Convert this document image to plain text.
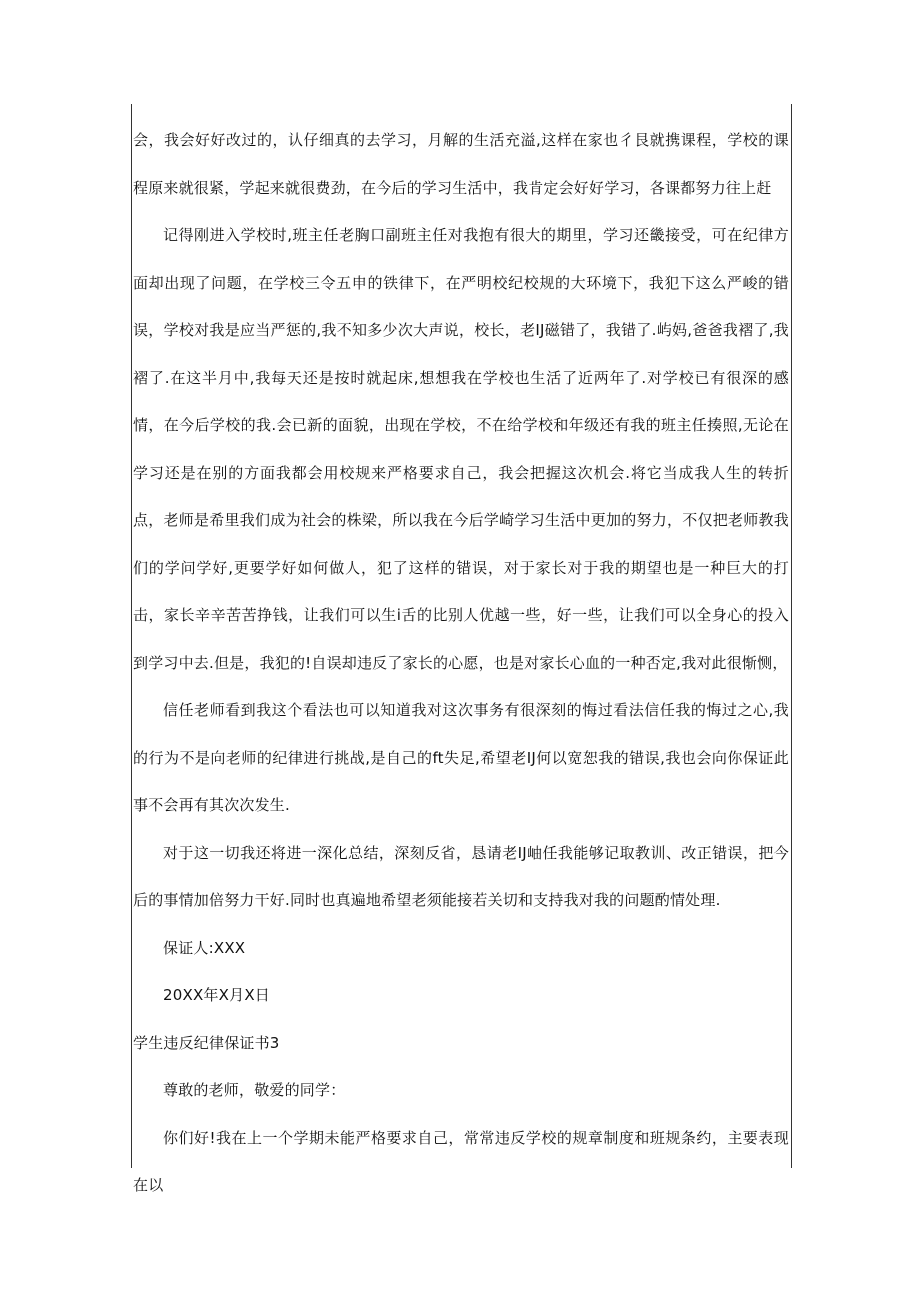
会，我会好好改过的，认仔细真的去学习，月解的生活充溢,这样在家也彳艮就携课程，学校的课程原来就很紧，学起来就很费劲，在今后的学习生活中，我肯定会好好学习，各课都努力往上赶

记得刚进入学校时,班主任老胸口副班主任对我抱有很大的期里，学习还畿接受，可在纪律方面却出现了问题，在学校三令五申的铁律下，在严明校纪校规的大环境下，我犯下这么严峻的错误，学校对我是应当严惩的,我不知多少次大声说，校长，老IJ磁错了，我错了.屿妈,爸爸我褶了,我褶了.在这半月中,我每天还是按时就起床,想想我在学校也生活了近两年了.对学校已有很深的感情，在今后学校的我.会已新的面貌，出现在学校，不在给学校和年级还有我的班主任揍照,无论在学习还是在别的方面我都会用校规来严格要求自己，我会把握这次机会.将它当成我人生的转折点，老师是希里我们成为社会的株梁，所以我在今后学崎学习生活中更加的努力，不仅把老师教我们的学问学好,更要学好如何做人，犯了这样的错误，对于家长对于我的期望也是一种巨大的打击，家长辛辛苦苦挣钱，让我们可以生i舌的比别人优越一些，好一些，让我们可以全身心的投入到学习中去.但是，我犯的!自误却违反了家长的心愿，也是对家长心血的一种否定,我对此很惭恻，

信任老师看到我这个看法也可以知道我对这次事务有很深刻的悔过看法信任我的悔过之心,我的行为不是向老师的纪律进行挑战,是自己的ft失足,希望老IJ何以宽恕我的错误,我也会向你保证此事不会再有其次次发生.

对于这一切我还将进一深化总结，深刻反省，恳请老IJ岫任我能够记取教训、改正错误，把今后的事情加倍努力干好.同时也真遍地希望老须能接若关切和支持我对我的问题酌情处理.

保证人:XXX

20XX年X月X日

学生违反纪律保证书3

尊敢的老师，敬爱的同学：

你们好!我在上一个学期未能严格要求自己，常常违反学校的规章制度和班规条约，主要表现在以
